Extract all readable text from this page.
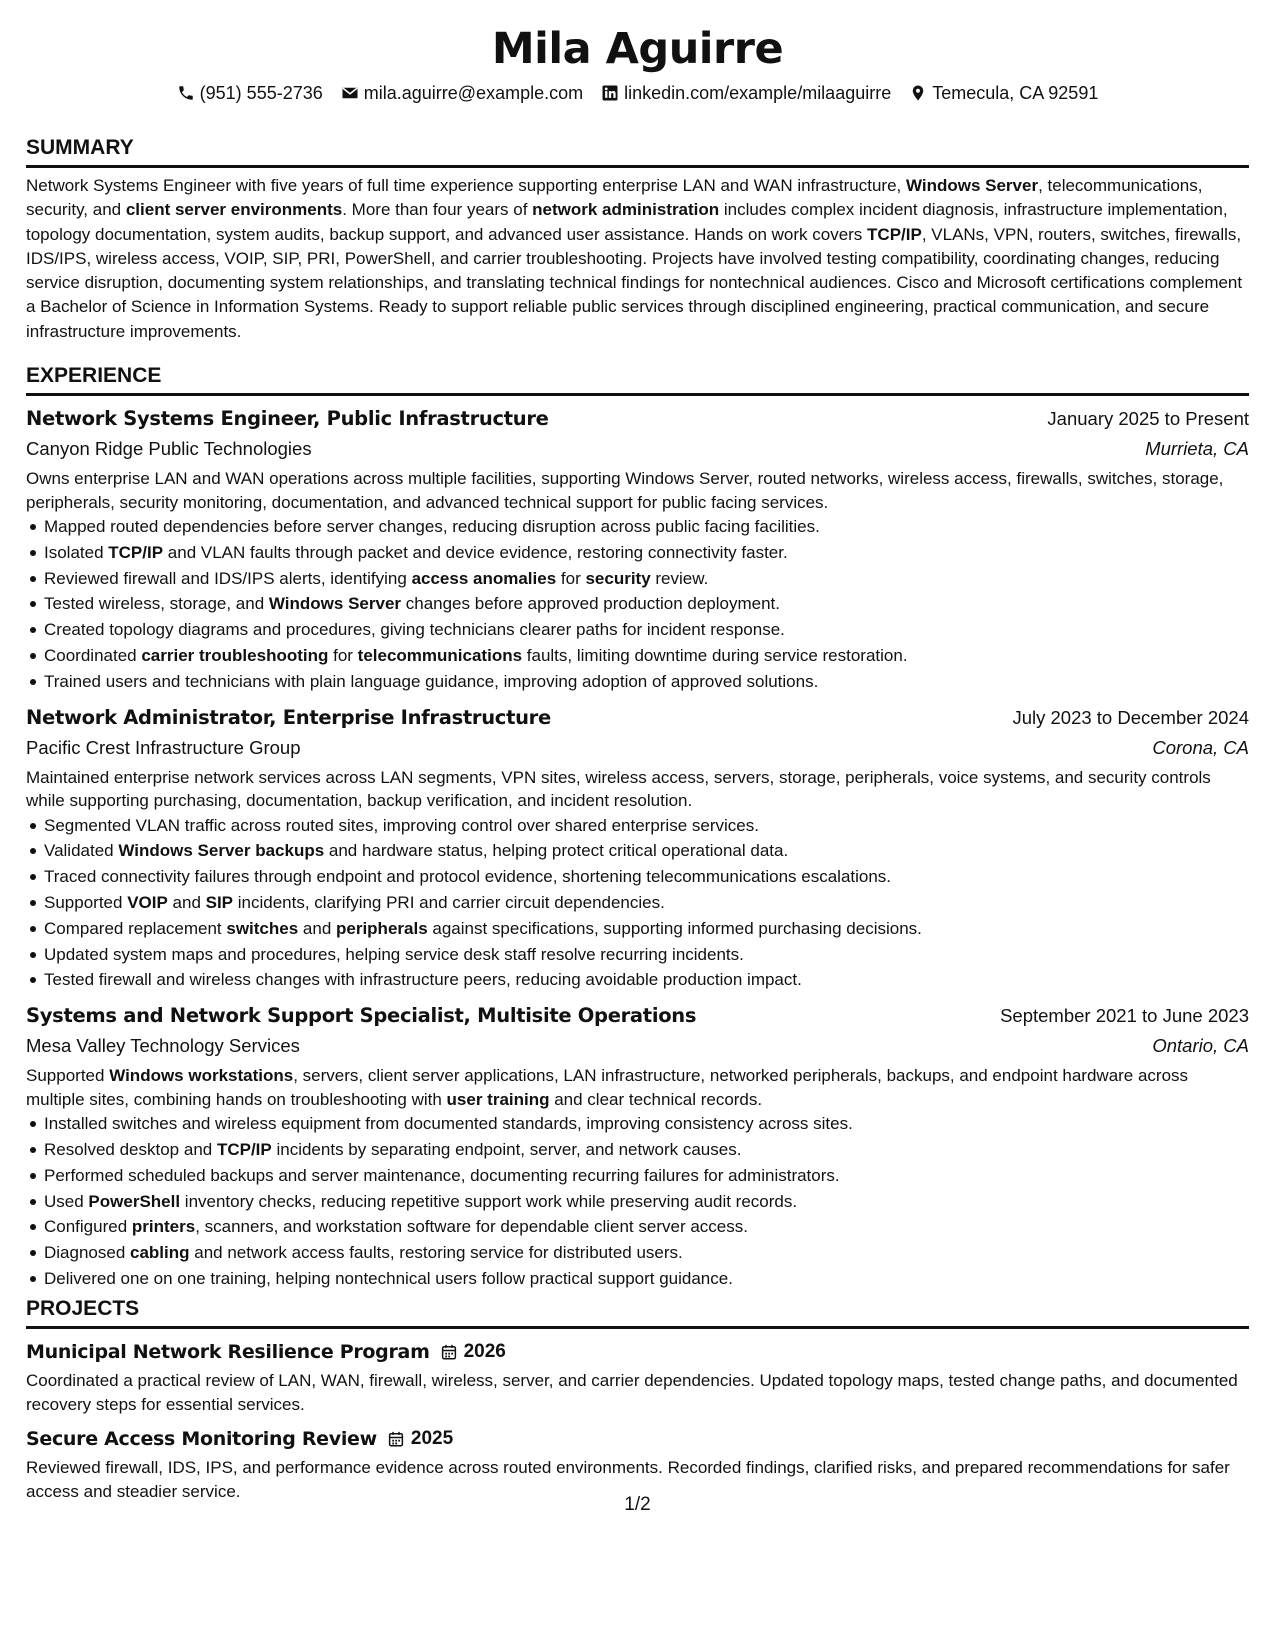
Mila Aguirre
(951) 555-2736 mila.aguirre@example.com linkedin.com/example/milaaguirre Temecula, CA 92591
SUMMARY

Network Systems Engineer with five years of full time experience supporting enterprise LAN and WAN infrastructure, Windows Server, telecommunications, security, and client server environments. More than four years of network administration includes complex incident diagnosis, infrastructure implementation, topology documentation, system audits, backup support, and advanced user assistance. Hands on work covers TCP/IP, VLANs, VPN, routers, switches, firewalls, IDS/IPS, wireless access, VOIP, SIP, PRI, PowerShell, and carrier troubleshooting. Projects have involved testing compatibility, coordinating changes, reducing service disruption, documenting system relationships, and translating technical findings for nontechnical audiences. Cisco and Microsoft certifications complement a Bachelor of Science in Information Systems. Ready to support reliable public services through disciplined engineering, practical communication, and secure infrastructure improvements.

EXPERIENCE
Network Systems Engineer, Public Infrastructure	January 2025 to Present
Canyon Ridge Public Technologies	Murrieta, CA

Owns enterprise LAN and WAN operations across multiple facilities, supporting Windows Server, routed networks, wireless access, firewalls, switches, storage, peripherals, security monitoring, documentation, and advanced technical support for public facing services.

Mapped routed dependencies before server changes, reducing disruption across public facing facilities.
Isolated TCP/IP and VLAN faults through packet and device evidence, restoring connectivity faster.
Reviewed firewall and IDS/IPS alerts, identifying access anomalies for security review.
Tested wireless, storage, and Windows Server changes before approved production deployment.
Created topology diagrams and procedures, giving technicians clearer paths for incident response.
Coordinated carrier troubleshooting for telecommunications faults, limiting downtime during service restoration.
Trained users and technicians with plain language guidance, improving adoption of approved solutions.
Network Administrator, Enterprise Infrastructure	July 2023 to December 2024
Pacific Crest Infrastructure Group	Corona, CA

Maintained enterprise network services across LAN segments, VPN sites, wireless access, servers, storage, peripherals, voice systems, and security controls while supporting purchasing, documentation, backup verification, and incident resolution.

Segmented VLAN traffic across routed sites, improving control over shared enterprise services.
Validated Windows Server backups and hardware status, helping protect critical operational data.
Traced connectivity failures through endpoint and protocol evidence, shortening telecommunications escalations.
Supported VOIP and SIP incidents, clarifying PRI and carrier circuit dependencies.
Compared replacement switches and peripherals against specifications, supporting informed purchasing decisions.
Updated system maps and procedures, helping service desk staff resolve recurring incidents.
Tested firewall and wireless changes with infrastructure peers, reducing avoidable production impact.
Systems and Network Support Specialist, Multisite Operations	September 2021 to June 2023
Mesa Valley Technology Services	Ontario, CA

Supported Windows workstations, servers, client server applications, LAN infrastructure, networked peripherals, backups, and endpoint hardware across multiple sites, combining hands on troubleshooting with user training and clear technical records.

Installed switches and wireless equipment from documented standards, improving consistency across sites.
Resolved desktop and TCP/IP incidents by separating endpoint, server, and network causes.
Performed scheduled backups and server maintenance, documenting recurring failures for administrators.
Used PowerShell inventory checks, reducing repetitive support work while preserving audit records.
Configured printers, scanners, and workstation software for dependable client server access.
Diagnosed cabling and network access faults, restoring service for distributed users.
Delivered one on one training, helping nontechnical users follow practical support guidance.
PROJECTS
Municipal Network Resilience Program 2026

Coordinated a practical review of LAN, WAN, firewall, wireless, server, and carrier dependencies. Updated topology maps, tested change paths, and documented recovery steps for essential services.

Secure Access Monitoring Review 2025

Reviewed firewall, IDS, IPS, and performance evidence across routed environments. Recorded findings, clarified risks, and prepared recommendations for safer access and steadier service.

1/2
